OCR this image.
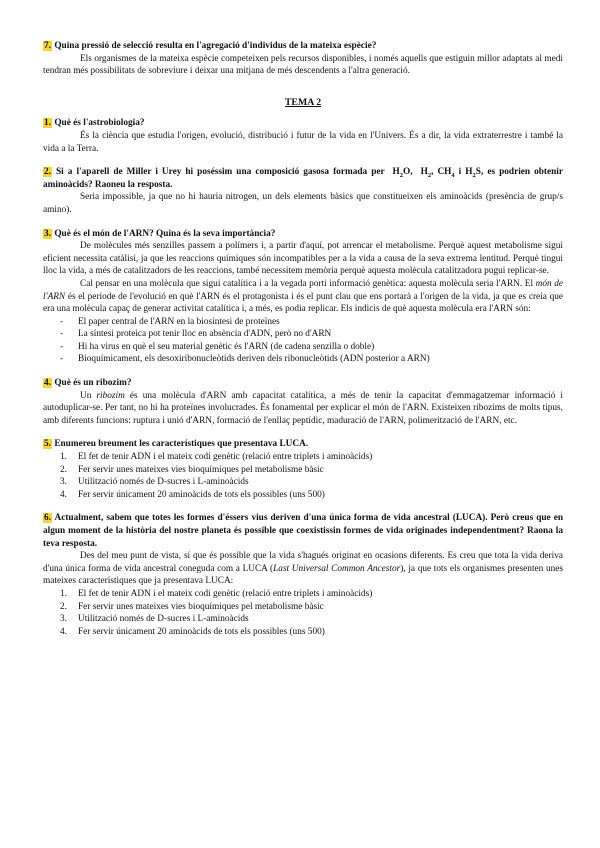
7. Quina pressió de selecció resulta en l'agregació d'individus de la mateixa espècie?

Els organismes de la mateixa espècie competeixen pels recursos disponibles, i només aquells que estiguin millor adaptats al medi tendran més possibilitats de sobreviure i deixar una mitjana de més descendents a l'altra generació.

TEMA 2

1. Què és l'astrobiologia?

És la ciència que estudia l'origen, evolució, distribució i futur de la vida en l'Univers. És a dir, la vida extraterrestre i també la vida a la Terra.

2. Si a l'aparell de Miller i Urey hi poséssim una composició gasosa formada per $H_2O$, $H_2$, $CH_4$ i $H_2S$, es podrien obtenir aminoàcids? Raoneu la resposta.

Seria impossible, ja que no hi hauria nitrogen, un dels elements bàsics que constitueixen els aminoàcids (presència de grup/s amino).

3. Què és el món de l'ARN? Quina és la seva importància?

De molècules més senzilles passem a polímers i, a partir d'aquí, pot arrencar el metabolisme. Perquè aquest metabolisme sigui eficient necessita catàlisi, ja que les reaccions químiques són incompatibles per a la vida a causa de la seva extrema lentitud. Perquè tingui lloc la vida, a més de catalitzadors de les reaccions, també necessitem memòria perquè aquesta molècula catalitzadora pugui replicar-se.

Cal pensar en una molècula que sigui catalítica i a la vegada porti informació genètica: aquesta molècula seria l'ARN. El món de l'ARN és el període de l'evolució en què l'ARN és el protagonista i és el punt clau que ens portarà a l'origen de la vida, ja que es creia que era una molècula capaç de generar activitat catalítica i, a més, es podia replicar. Els indicis de què aquesta molècula era l'ARN són:

- El paper central de l'ARN en la biosíntesi de proteïnes
- La síntesi proteica pot tenir lloc en absència d'ADN, però no d'ARN
- Hi ha virus en què el seu material genètic és l'ARN (de cadena senzilla o doble)
- Bioquímicament, els desoxiribonucleòtids deriven dels ribonucleòtids (ADN posterior a ARN)

4. Què és un ribozim?

Un ribozim és una molècula d'ARN amb capacitat catalítica, a més de tenir la capacitat d'emmagatzemar informació i autoduplicar-se. Per tant, no hi ha proteïnes involucrades. És fonamental per explicar el món de l'ARN. Existeixen ribozims de molts tipus, amb diferents funcions: ruptura i unió d'ARN, formació de l'enllaç peptídic, maduració de l'ARN, polimerització de l'ARN, etc.

5. Enumereu breument les característiques que presentava LUCA.

1. El fet de tenir ADN i el mateix codi genètic (relació entre triplets i aminoàcids)
2. Fer servir unes mateixes vies bioquímiques pel metabolisme bàsic
3. Utilització només de D-sucres i L-aminoàcids
4. Fer servir únicament 20 aminoàcids de tots els possibles (uns 500)

6. Actualment, sabem que totes les formes d'éssers vius deriven d'una única forma de vida ancestral (LUCA). Però creus que en algun moment de la història del nostre planeta és possible que coexistissin formes de vida originades independentment? Raona la teva resposta.

Des del meu punt de vista, sí que és possible que la vida s'hagués originat en ocasions diferents. Es creu que tota la vida deriva d'una única forma de vida ancestral coneguda com a LUCA (Last Universal Common Ancestor), ja que tots els organismes presenten unes mateixes característiques que ja presentava LUCA:

1. El fet de tenir ADN i el mateix codi genètic (relació entre triplets i aminoàcids)
2. Fer servir unes mateixes vies bioquímiques pel metabolisme bàsic
3. Utilització només de D-sucres i L-aminoàcids
4. Fer servir únicament 20 aminoàcids de tots els possibles (uns 500)
